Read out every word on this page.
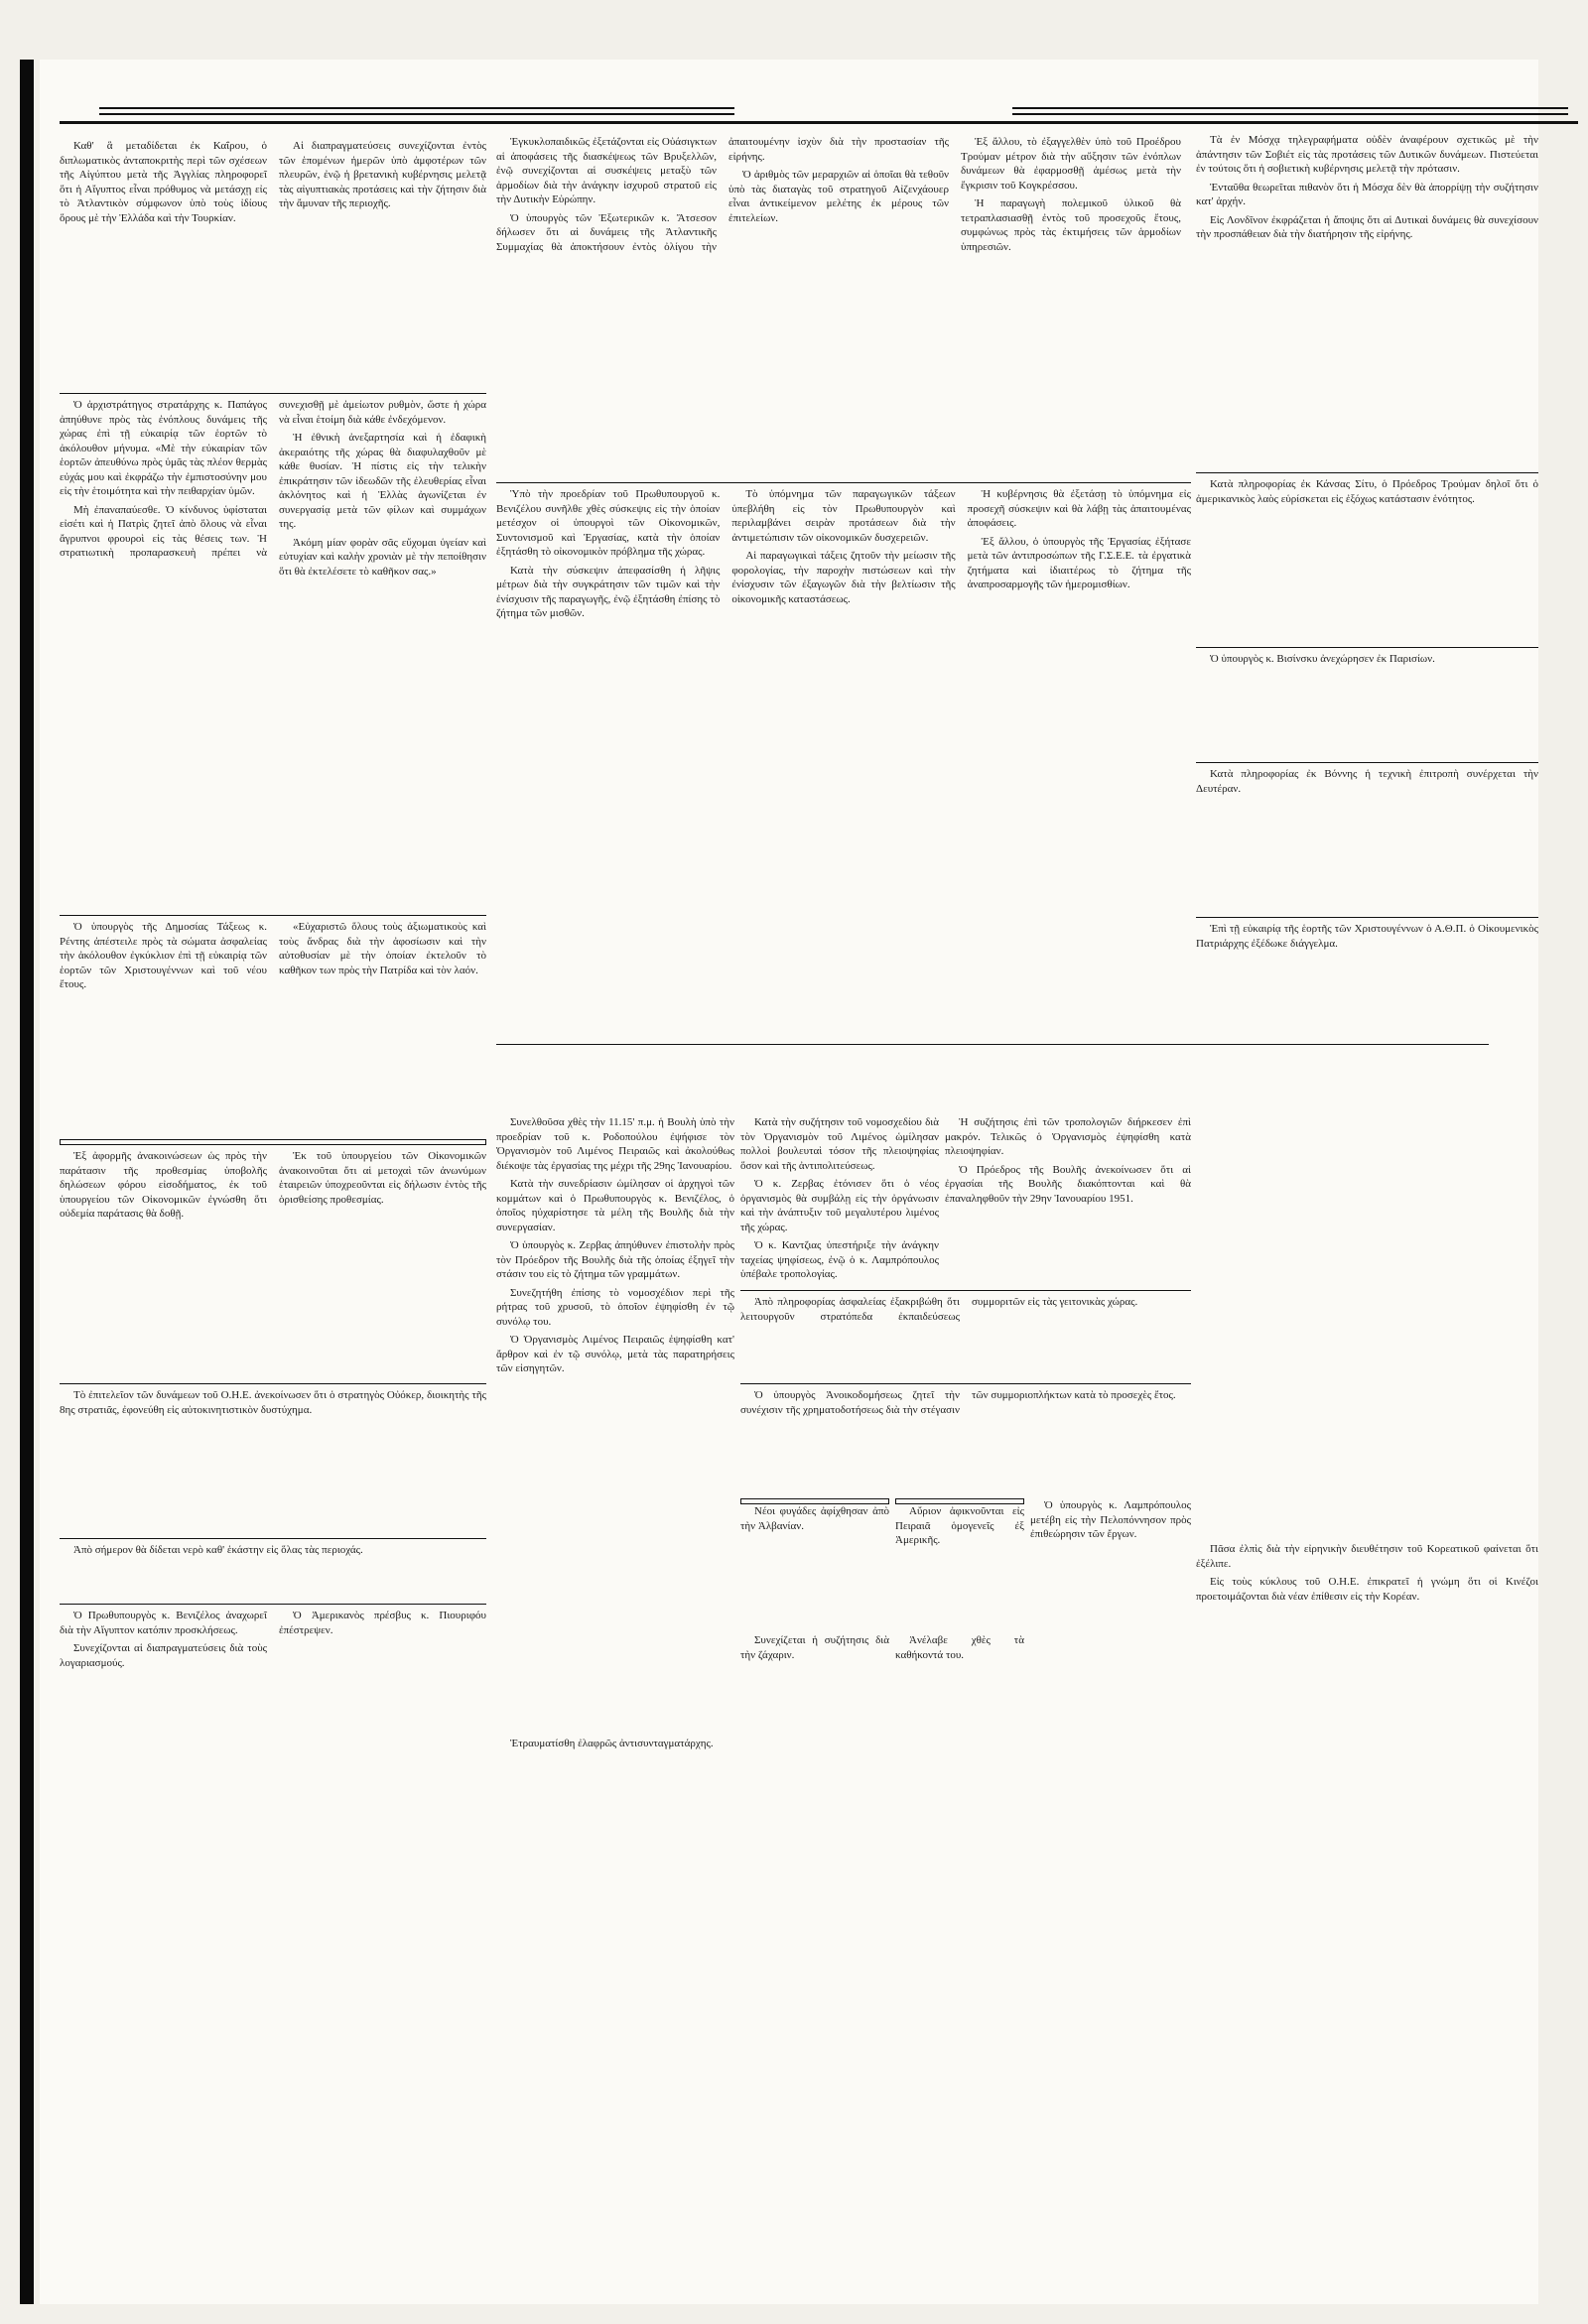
Καθ' ἃ μεταδίδεται ἐκ Καΐρου, ὁ διπλωματικὸς ἀνταποκριτὴς περὶ τῶν σχέσεων τῆς Αἰγύπτου μετὰ τῆς Ἀγγλίας πληροφορεῖ ὅτι ἡ Αἴγυπτος εἶναι πρόθυμος νὰ μετάσχῃ εἰς τὸ Ἀτλαντικὸν σύμφωνον ὑπὸ τοὺς ἰδίους ὅρους μὲ τὴν Ἑλλάδα καὶ τὴν Τουρκίαν.

Αἱ διαπραγματεύσεις συνεχίζονται ἐντὸς τῶν ἑπομένων ἡμερῶν ὑπὸ ἀμφοτέρων τῶν πλευρῶν, ἐνῷ ἡ βρετανικὴ κυβέρνησις μελετᾷ τὰς αἰγυπτιακὰς προτάσεις καὶ τὴν ζήτησιν διὰ τὴν ἄμυναν τῆς περιοχῆς.

Ὁ ἀρχιστράτηγος στρατάρχης κ. Παπάγος ἀπηύθυνε πρὸς τὰς ἐνόπλους δυνάμεις τῆς χώρας ἐπὶ τῇ εὐκαιρίᾳ τῶν ἑορτῶν τὸ ἀκόλουθον μήνυμα. «Μὲ τὴν εὐκαιρίαν τῶν ἑορτῶν ἀπευθύνω πρὸς ὑμᾶς τὰς πλέον θερμὰς εὐχάς μου καὶ ἐκφράζω τὴν ἐμπιστοσύνην μου εἰς τὴν ἑτοιμότητα καὶ τὴν πειθαρχίαν ὑμῶν.

Μὴ ἐπαναπαύεσθε. Ὁ κίνδυνος ὑφίσταται εἰσέτι καὶ ἡ Πατρὶς ζητεῖ ἀπὸ ὅλους νὰ εἶναι ἄγρυπνοι φρουροὶ εἰς τὰς θέσεις των. Ἡ στρατιωτικὴ προπαρασκευὴ πρέπει νὰ συνεχισθῇ μὲ ἀμείωτον ρυθμὸν, ὥστε ἡ χώρα νὰ εἶναι ἑτοίμη διὰ κάθε ἐνδεχόμενον.

Ἡ ἐθνικὴ ἀνεξαρτησία καὶ ἡ ἐδαφικὴ ἀκεραιότης τῆς χώρας θὰ διαφυλαχθοῦν μὲ κάθε θυσίαν. Ἡ πίστις εἰς τὴν τελικὴν ἐπικράτησιν τῶν ἰδεωδῶν τῆς ἐλευθερίας εἶναι ἀκλόνητος καὶ ἡ Ἑλλὰς ἀγωνίζεται ἐν συνεργασίᾳ μετὰ τῶν φίλων καὶ συμμάχων της.

Ἀκόμη μίαν φορὰν σᾶς εὔχομαι ὑγείαν καὶ εὐτυχίαν καὶ καλὴν χρονιὰν μὲ τὴν πεποίθησιν ὅτι θὰ ἐκτελέσετε τὸ καθῆκον σας.»

Ὁ ὑπουργὸς τῆς Δημοσίας Τάξεως κ. Ρέντης ἀπέστειλε πρὸς τὰ σώματα ἀσφαλείας τὴν ἀκόλουθον ἐγκύκλιον ἐπὶ τῇ εὐκαιρίᾳ τῶν ἑορτῶν τῶν Χριστουγέννων καὶ τοῦ νέου ἔτους.

«Εὐχαριστῶ ὅλους τοὺς ἀξιωματικοὺς καὶ τοὺς ἄνδρας διὰ τὴν ἀφοσίωσιν καὶ τὴν αὐτοθυσίαν μὲ τὴν ὁποίαν ἐκτελοῦν τὸ καθῆκον των πρὸς τὴν Πατρίδα καὶ τὸν λαόν.

Ἐξ ἀφορμῆς ἀνακοινώσεων ὡς πρὸς τὴν παράτασιν τῆς προθεσμίας ὑποβολῆς δηλώσεων φόρου εἰσοδήματος, ἐκ τοῦ ὑπουργείου τῶν Οἰκονομικῶν ἐγνώσθη ὅτι οὐδεμία παράτασις θὰ δοθῇ.

Ἐκ τοῦ ὑπουργείου τῶν Οἰκονομικῶν ἀνακοινοῦται ὅτι αἱ μετοχαὶ τῶν ἀνωνύμων ἑταιρειῶν ὑποχρεοῦνται εἰς δήλωσιν ἐντὸς τῆς ὁρισθείσης προθεσμίας.

Τὸ ἐπιτελεῖον τῶν δυνάμεων τοῦ Ο.Η.Ε. ἀνεκοίνωσεν ὅτι ὁ στρατηγὸς Οὐόκερ, διοικητὴς τῆς 8ης στρατιᾶς, ἐφονεύθη εἰς αὐτοκινητιστικὸν δυστύχημα.

Ἀπὸ σήμερον θὰ δίδεται νερὸ καθ' ἑκάστην εἰς ὅλας τὰς περιοχάς.

Ἐγκυκλοπαιδικῶς ἐξετάζονται εἰς Οὐάσιγκτων αἱ ἀποφάσεις τῆς διασκέψεως τῶν Βρυξελλῶν, ἐνῷ συνεχίζονται αἱ συσκέψεις μεταξὺ τῶν ἀρμοδίων διὰ τὴν ἀνάγκην ἰσχυροῦ στρατοῦ εἰς τὴν Δυτικὴν Εὐρώπην.

Ὁ ὑπουργὸς τῶν Ἐξωτερικῶν κ. Ἄτσεσον δήλωσεν ὅτι αἱ δυνάμεις τῆς Ἀτλαντικῆς Συμμαχίας θὰ ἀποκτήσουν ἐντὸς ὀλίγου τὴν ἀπαιτουμένην ἰσχὺν διὰ τὴν προστασίαν τῆς εἰρήνης.

Ὁ ἀριθμὸς τῶν μεραρχιῶν αἱ ὁποῖαι θὰ τεθοῦν ὑπὸ τὰς διαταγὰς τοῦ στρατηγοῦ Αἰζενχάουερ εἶναι ἀντικείμενον μελέτης ἐκ μέρους τῶν ἐπιτελείων.

Ἐξ ἄλλου, τὸ ἐξαγγελθὲν ὑπὸ τοῦ Προέδρου Τρούμαν μέτρον διὰ τὴν αὔξησιν τῶν ἐνόπλων δυνάμεων θὰ ἐφαρμοσθῇ ἀμέσως μετὰ τὴν ἔγκρισιν τοῦ Κογκρέσσου.

Ἡ παραγωγὴ πολεμικοῦ ὑλικοῦ θὰ τετραπλασιασθῇ ἐντὸς τοῦ προσεχοῦς ἔτους, συμφώνως πρὸς τὰς ἐκτιμήσεις τῶν ἁρμοδίων ὑπηρεσιῶν.

Ὑπὸ τὴν προεδρίαν τοῦ Πρωθυπουργοῦ κ. Βενιζέλου συνῆλθε χθὲς σύσκεψις εἰς τὴν ὁποίαν μετέσχον οἱ ὑπουργοὶ τῶν Οἰκονομικῶν, Συντονισμοῦ καὶ Ἐργασίας, κατὰ τὴν ὁποίαν ἐξητάσθη τὸ οἰκονομικὸν πρόβλημα τῆς χώρας.

Κατὰ τὴν σύσκεψιν ἀπεφασίσθη ἡ λῆψις μέτρων διὰ τὴν συγκράτησιν τῶν τιμῶν καὶ τὴν ἐνίσχυσιν τῆς παραγωγῆς, ἐνῷ ἐξητάσθη ἐπίσης τὸ ζήτημα τῶν μισθῶν.

Τὸ ὑπόμνημα τῶν παραγωγικῶν τάξεων ὑπεβλήθη εἰς τὸν Πρωθυπουργὸν καὶ περιλαμβάνει σειρὰν προτάσεων διὰ τὴν ἀντιμετώπισιν τῶν οἰκονομικῶν δυσχερειῶν.

Αἱ παραγωγικαὶ τάξεις ζητοῦν τὴν μείωσιν τῆς φορολογίας, τὴν παροχὴν πιστώσεων καὶ τὴν ἐνίσχυσιν τῶν ἐξαγωγῶν διὰ τὴν βελτίωσιν τῆς οἰκονομικῆς καταστάσεως.

Ἡ κυβέρνησις θὰ ἐξετάσῃ τὸ ὑπόμνημα εἰς προσεχῆ σύσκεψιν καὶ θὰ λάβῃ τὰς ἀπαιτουμένας ἀποφάσεις.

Ἐξ ἄλλου, ὁ ὑπουργὸς τῆς Ἐργασίας ἐξήτασε μετὰ τῶν ἀντιπροσώπων τῆς Γ.Σ.Ε.Ε. τὰ ἐργατικὰ ζητήματα καὶ ἰδιαιτέρως τὸ ζήτημα τῆς ἀναπροσαρμογῆς τῶν ἡμερομισθίων.

Συνελθοῦσα χθὲς τὴν 11.15' π.μ. ἡ Βουλὴ ὑπὸ τὴν προεδρίαν τοῦ κ. Ροδοπούλου ἐψήφισε τὸν Ὀργανισμὸν τοῦ Λιμένος Πειραιῶς καὶ ἀκολούθως διέκοψε τὰς ἐργασίας της μέχρι τῆς 29ης Ἰανουαρίου.

Κατὰ τὴν συνεδρίασιν ὡμίλησαν οἱ ἀρχηγοὶ τῶν κομμάτων καὶ ὁ Πρωθυπουργὸς κ. Βενιζέλος, ὁ ὁποῖος ηὐχαρίστησε τὰ μέλη τῆς Βουλῆς διὰ τὴν συνεργασίαν.

Ὁ ὑπουργὸς κ. Ζερβας ἀπηύθυνεν ἐπιστολὴν πρὸς τὸν Πρόεδρον τῆς Βουλῆς διὰ τῆς ὁποίας ἐξηγεῖ τὴν στάσιν του εἰς τὸ ζήτημα τῶν γραμμάτων.

Συνεζητήθη ἐπίσης τὸ νομοσχέδιον περὶ τῆς ρήτρας τοῦ χρυσοῦ, τὸ ὁποῖον ἐψηφίσθη ἐν τῷ συνόλῳ του.

Ὁ Ὀργανισμὸς Λιμένος Πειραιῶς ἐψηφίσθη κατ' ἄρθρον καὶ ἐν τῷ συνόλῳ, μετὰ τὰς παρατηρήσεις τῶν εἰσηγητῶν.

Κατὰ τὴν συζήτησιν τοῦ νομοσχεδίου διὰ τὸν Ὀργανισμὸν τοῦ Λιμένος ὡμίλησαν πολλοὶ βουλευταὶ τόσον τῆς πλειοψηφίας ὅσον καὶ τῆς ἀντιπολιτεύσεως.

Ὁ κ. Ζερβας ἐτόνισεν ὅτι ὁ νέος ὀργανισμὸς θὰ συμβάλῃ εἰς τὴν ὀργάνωσιν καὶ τὴν ἀνάπτυξιν τοῦ μεγαλυτέρου λιμένος τῆς χώρας.

Ὁ κ. Καντζιας ὑπεστήριξε τὴν ἀνάγκην ταχείας ψηφίσεως, ἐνῷ ὁ κ. Λαμπρόπουλος ὑπέβαλε τροπολογίας.

Ἡ συζήτησις ἐπὶ τῶν τροπολογιῶν διήρκεσεν ἐπὶ μακρόν. Τελικῶς ὁ Ὀργανισμὸς ἐψηφίσθη κατὰ πλειοψηφίαν.

Ὁ Πρόεδρος τῆς Βουλῆς ἀνεκοίνωσεν ὅτι αἱ ἐργασίαι τῆς Βουλῆς διακόπτονται καὶ θὰ ἐπαναληφθοῦν τὴν 29ην Ἰανουαρίου 1951.

Ἀπὸ πληροφορίας ἀσφαλείας ἐξακριβώθη ὅτι λειτουργοῦν στρατόπεδα ἐκπαιδεύσεως συμμοριτῶν εἰς τὰς γειτονικὰς χώρας.

Ὁ ὑπουργὸς Ἀνοικοδομήσεως ζητεῖ τὴν συνέχισιν τῆς χρηματοδοτήσεως διὰ τὴν στέγασιν τῶν συμμοριοπλήκτων κατὰ τὸ προσεχὲς ἔτος.

Νέοι φυγάδες ἀφίχθησαν ἀπὸ τὴν Ἀλβανίαν.

Αὔριον ἀφικνοῦνται εἰς Πειραιᾶ ὁμογενεῖς ἐξ Ἀμερικῆς.

Συνεχίζεται ἡ συζήτησις διὰ τὴν ζάχαριν.

Ἀνέλαβε χθὲς τὰ καθήκοντά του.

Ὁ ὑπουργὸς κ. Λαμπρόπουλος μετέβη εἰς τὴν Πελοπόννησον πρὸς ἐπιθεώρησιν τῶν ἔργων.

Ὁ Πρωθυπουργὸς κ. Βενιζέλος ἀναχωρεῖ διὰ τὴν Αἴγυπτον κατόπιν προσκλήσεως.

Συνεχίζονται αἱ διαπραγματεύσεις διὰ τοὺς λογαριασμούς.

Ὁ Ἀμερικανὸς πρέσβυς κ. Πιουριφόυ ἐπέστρεψεν.

Ἐτραυματίσθη ἐλαφρῶς ἀντισυνταγματάρχης.

Τὰ ἐν Μόσχᾳ τηλεγραφήματα οὐδὲν ἀναφέρουν σχετικῶς μὲ τὴν ἀπάντησιν τῶν Σοβιέτ εἰς τὰς προτάσεις τῶν Δυτικῶν δυνάμεων. Πιστεύεται ἐν τούτοις ὅτι ἡ σοβιετικὴ κυβέρνησις μελετᾷ τὴν πρότασιν.

Ἐνταῦθα θεωρεῖται πιθανὸν ὅτι ἡ Μόσχα δὲν θὰ ἀπορρίψῃ τὴν συζήτησιν κατ' ἀρχήν.

Εἰς Λονδῖνον ἐκφράζεται ἡ ἄποψις ὅτι αἱ Δυτικαὶ δυνάμεις θὰ συνεχίσουν τὴν προσπάθειαν διὰ τὴν διατήρησιν τῆς εἰρήνης.

Κατὰ πληροφορίας ἐκ Κάνσας Σίτυ, ὁ Πρόεδρος Τρούμαν δηλοῖ ὅτι ὁ ἀμερικανικὸς λαὸς εὑρίσκεται εἰς ἐξόχως κατάστασιν ἑνότητος.

Ὁ ὑπουργὸς κ. Βισίνσκυ ἀνεχώρησεν ἐκ Παρισίων.

Κατὰ πληροφορίας ἐκ Βόννης ἡ τεχνικὴ ἐπιτροπὴ συνέρχεται τὴν Δευτέραν.

Ἐπὶ τῇ εὐκαιρίᾳ τῆς ἑορτῆς τῶν Χριστουγέννων ὁ Α.Θ.Π. ὁ Οἰκουμενικὸς Πατριάρχης ἐξέδωκε διάγγελμα.

Πᾶσα ἐλπὶς διὰ τὴν εἰρηνικὴν διευθέτησιν τοῦ Κορεατικοῦ φαίνεται ὅτι ἐξέλιπε.

Εἰς τοὺς κύκλους τοῦ Ο.Η.Ε. ἐπικρατεῖ ἡ γνώμη ὅτι οἱ Κινέζοι προετοιμάζονται διὰ νέαν ἐπίθεσιν εἰς τὴν Κορέαν.
